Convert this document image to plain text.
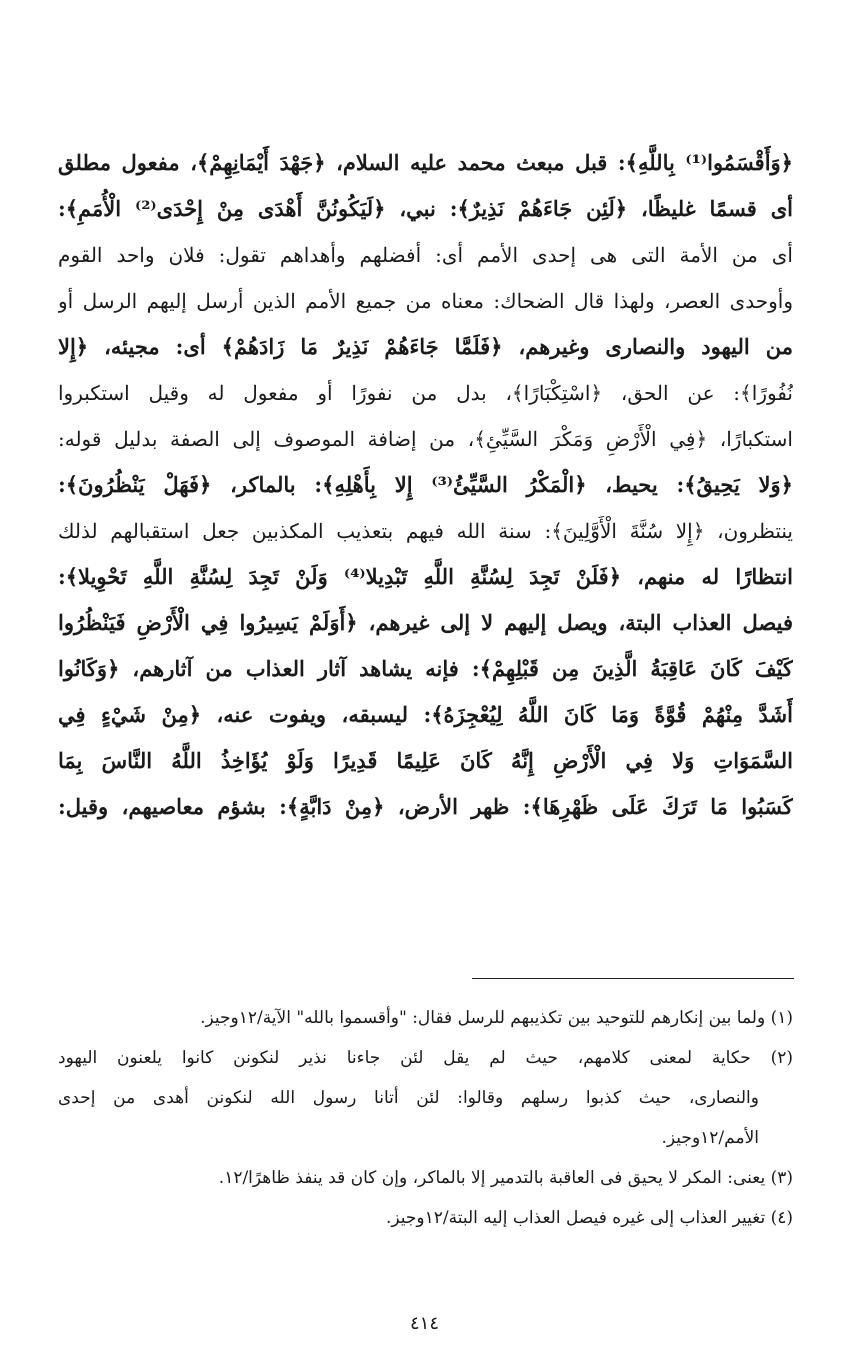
﴿وَأَقْسَمُوا⁽¹⁾ بِاللَّهِ﴾: قبل مبعث محمد عليه السلام، ﴿جَهْدَ أَيْمَانِهِمْ﴾، مفعول مطلق
أى قسمًا غليظًا، ﴿لَئِن جَاءَهُمْ نَذِيرٌ﴾: نبي، ﴿لَيَكُونُنَّ أَهْدَى مِنْ إِحْدَى⁽²⁾ الْأُمَمِ﴾:
أى من الأمة التى هى إحدى الأمم أى: أفضلهم وأهداهم تقول: فلان واحد القوم
وأوحدى العصر، ولهذا قال الضحاك: معناه من جميع الأمم الذين أرسل إليهم الرسل أو
من اليهود والنصارى وغيرهم، ﴿فَلَمَّا جَاءَهُمْ نَذِيرٌ مَا زَادَهُمْ﴾ أى: مجيئه، ﴿إِلا
نُفُورًا﴾: عن الحق، ﴿اسْتِكْبَارًا﴾، بدل من نفورًا أو مفعول له وقيل استكبروا
استكبارًا، ﴿فِي الْأَرْضِ وَمَكْرَ السَّيِّئِ﴾، من إضافة الموصوف إلى الصفة بدليل قوله:
﴿وَلا يَحِيقُ﴾: يحيط، ﴿الْمَكْرُ السَّيِّئُ⁽³⁾ إِلا بِأَهْلِهِ﴾: بالماكر، ﴿فَهَلْ يَنْظُرُونَ﴾:
ينتظرون، ﴿إِلا سُنَّةَ الْأَوَّلِينَ﴾: سنة الله فيهم بتعذيب المكذبين جعل استقبالهم لذلك
انتظارًا له منهم، ﴿فَلَنْ تَجِدَ لِسُنَّةِ اللَّهِ تَبْدِيلا⁽⁴⁾ وَلَنْ تَجِدَ لِسُنَّةِ اللَّهِ تَحْوِيلا﴾:
فيصل العذاب البتة، ويصل إليهم لا إلى غيرهم، ﴿أَوَلَمْ يَسِيرُوا فِي الْأَرْضِ فَيَنْظُرُوا
كَيْفَ كَانَ عَاقِبَةُ الَّذِينَ مِن قَبْلِهِمْ﴾: فإنه يشاهد آثار العذاب من آثارهم، ﴿وَكَانُوا
أَشَدَّ مِنْهُمْ قُوَّةً وَمَا كَانَ اللَّهُ لِيُعْجِزَهُ﴾: ليسبقه، ويفوت عنه، ﴿مِنْ شَيْءٍ فِي
السَّمَوَاتِ وَلا فِي الْأَرْضِ إِنَّهُ كَانَ عَلِيمًا قَدِيرًا وَلَوْ يُؤَاخِذُ اللَّهُ النَّاسَ بِمَا
كَسَبُوا مَا تَرَكَ عَلَى ظَهْرِهَا﴾: ظهر الأرض، ﴿مِنْ دَابَّةٍ﴾: بشؤم معاصيهم، وقيل:
(١) ولما بين إنكارهم للتوحيد بين تكذيبهم للرسل فقال: "وأقسموا بالله" الآية/١٢وجيز.
(٢) حكاية لمعنى كلامهم، حيث لم يقل لئن جاءنا نذير لنكونن كانوا يلعنون اليهود
والنصارى، حيث كذبوا رسلهم وقالوا: لئن أتانا رسول الله لنكونن أهدى من إحدى
الأمم/١٢وجيز.
(٣) يعنى: المكر لا يحيق فى العاقبة بالتدمير إلا بالماكر، وإن كان قد ينفذ ظاهرًا/١٢.
(٤) تغيير العذاب إلى غيره فيصل العذاب إليه البتة/١٢وجيز.
٤١٤
